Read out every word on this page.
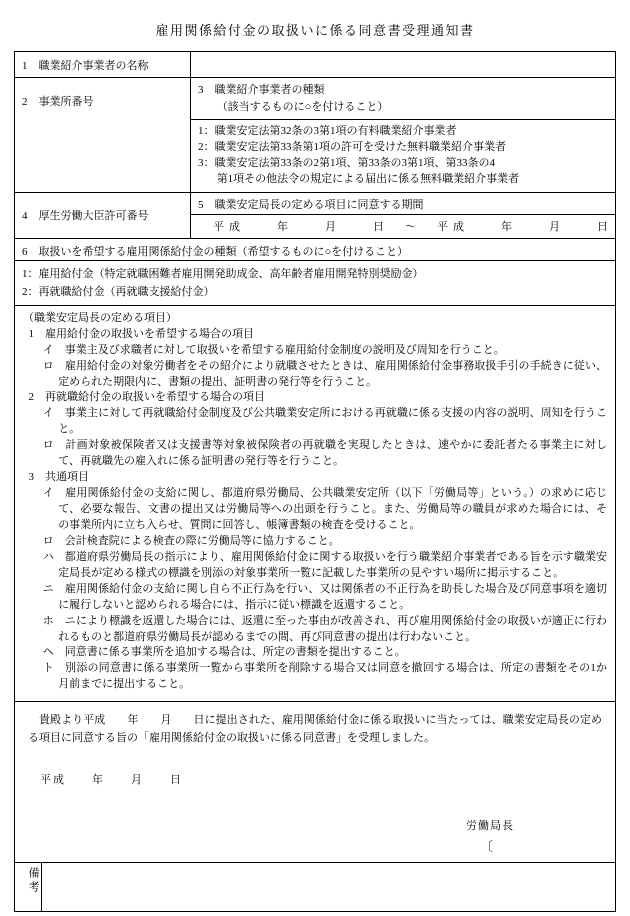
雇用関係給付金の取扱いに係る同意書受理通知書
1　職業紹介事業者の名称
2　事業所番号
3　職業紹介事業者の種類
（該当するものに○を付けること）
1：職業安定法第32条の3第1項の有料職業紹介事業者
2：職業安定法第33条第1項の許可を受けた無料職業紹介事業者
3：職業安定法第33条の2第1項、第33条の3第1項、第33条の4
第1項その他法令の規定による届出に係る無料職業紹介事業者
4　厚生労働大臣許可番号
5　職業安定局長の定める項目に同意する期間
平成　　年　　月　　日　～　平成　　年　　月　　日
6　取扱いを希望する雇用関係給付金の種類（希望するものに○を付けること）
1：雇用給付金（特定就職困難者雇用開発助成金、高年齢者雇用開発特別奨励金）
2：再就職給付金（再就職支援給付金）
（職業安定局長の定める項目）
1　雇用給付金の取扱いを希望する場合の項目
イ　事業主及び求職者に対して取扱いを希望する雇用給付金制度の説明及び周知を行うこと。
ロ　雇用給付金の対象労働者をその紹介により就職させたときは、雇用関係給付金事務取扱手引の手続きに従い、定められた期限内に、書類の提出、証明書の発行等を行うこと。
2　再就職給付金の取扱いを希望する場合の項目
イ　事業主に対して再就職給付金制度及び公共職業安定所における再就職に係る支援の内容の説明、周知を行うこと。
ロ　計画対象被保険者又は支援書等対象被保険者の再就職を実現したときは、速やかに委託者たる事業主に対して、再就職先の雇入れに係る証明書の発行等を行うこと。
3　共通項目
イ　雇用関係給付金の支給に関し、都道府県労働局、公共職業安定所（以下「労働局等」という。）の求めに応じて、必要な報告、文書の提出又は労働局等への出頭を行うこと。また、労働局等の職員が求めた場合には、その事業所内に立ち入らせ、質問に回答し、帳簿書類の検査を受けること。
ロ　会計検査院による検査の際に労働局等に協力すること。
ハ　都道府県労働局長の指示により、雇用関係給付金に関する取扱いを行う職業紹介事業者である旨を示す職業安定局長が定める様式の標識を別添の対象事業所一覧に記載した事業所の見やすい場所に掲示すること。
ニ　雇用関係給付金の支給に関し自ら不正行為を行い、又は関係者の不正行為を助長した場合及び同意事項を適切に履行しないと認められる場合には、指示に従い標識を返還すること。
ホ　ニにより標識を返還した場合には、返還に至った事由が改善され、再び雇用関係給付金の取扱いが適正に行われるものと都道府県労働局長が認めるまでの間、再び同意書の提出は行わないこと。
ヘ　同意書に係る事業所を追加する場合は、所定の書類を提出すること。
ト　別添の同意書に係る事業所一覧から事業所を削除する場合又は同意を撤回する場合は、所定の書類をその1か月前までに提出すること。
貴殿より平成　　年　　月　　日に提出された、雇用関係給付金に係る取扱いに当たっては、職業安定局長の定める項目に同意する旨の「雇用関係給付金の取扱いに係る同意書」を受理しました。
平成　　年　　月　　日
労働局長
〔
備考
